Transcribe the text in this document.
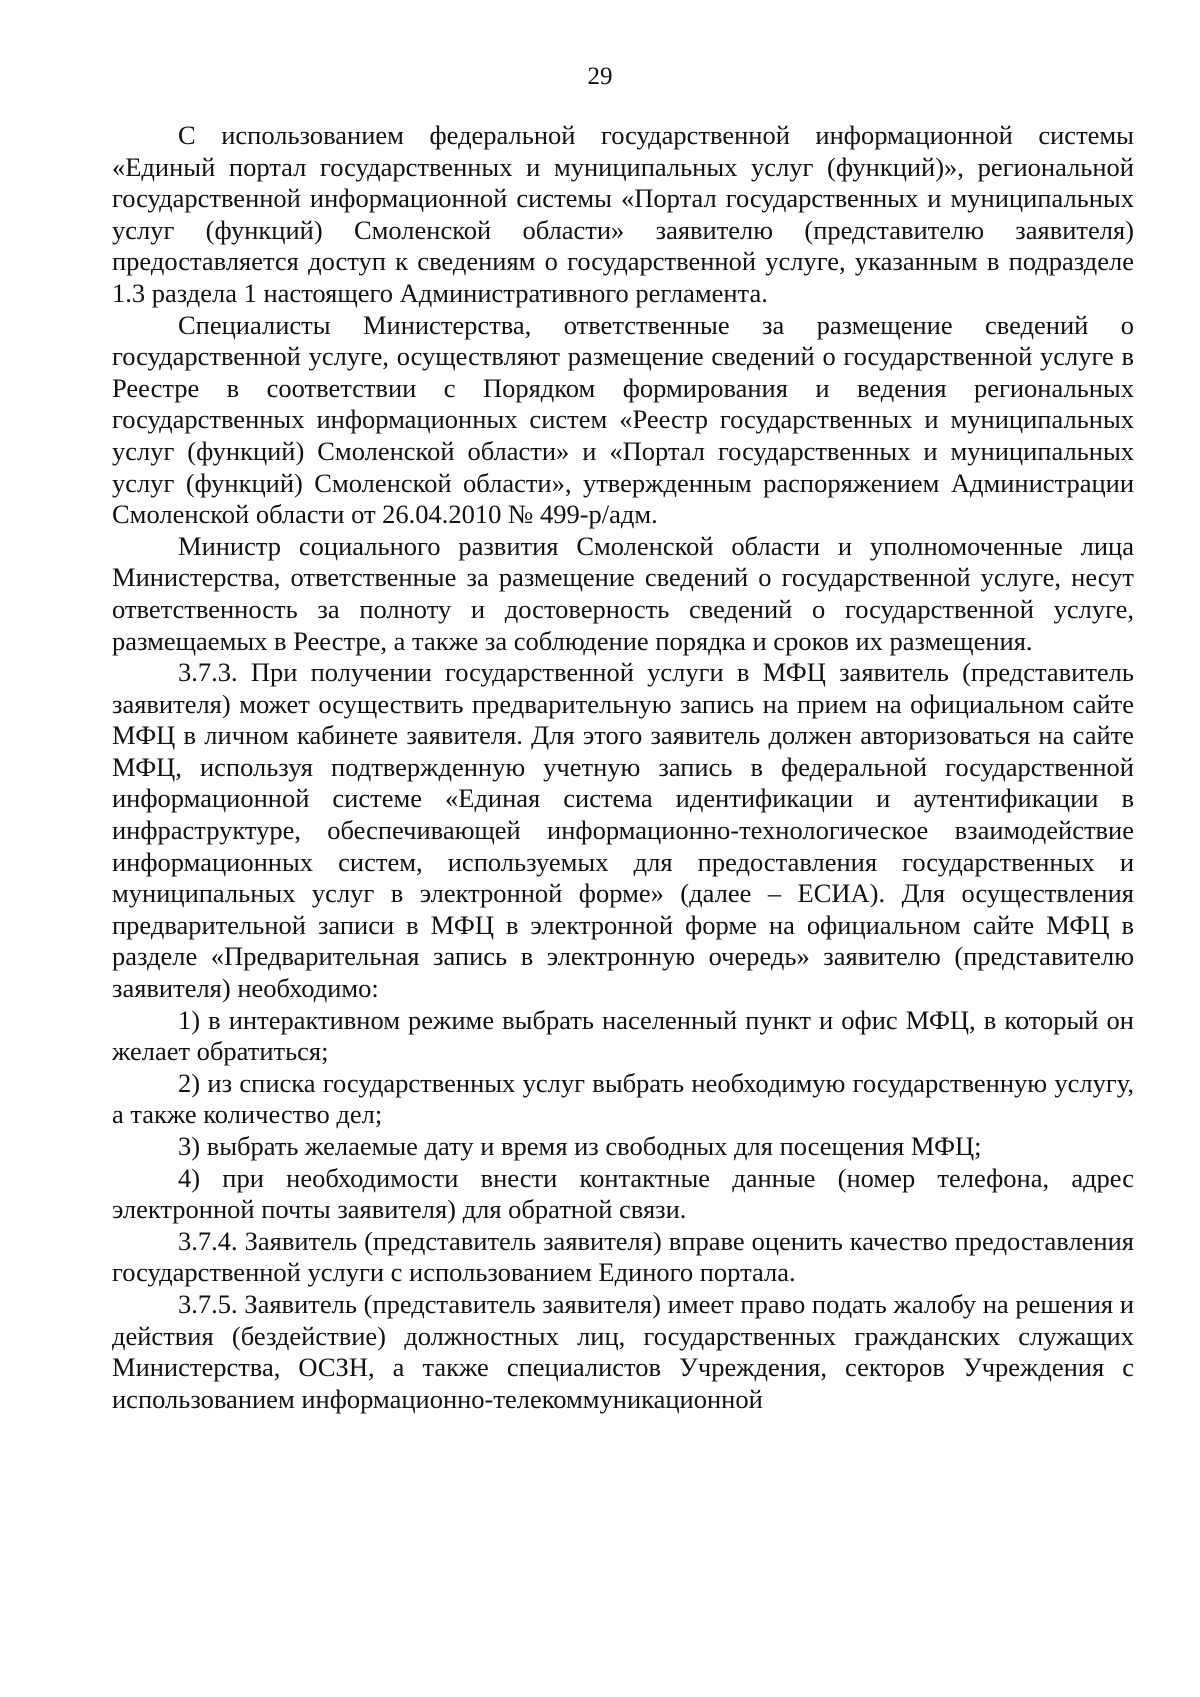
29

С использованием федеральной государственной информационной системы «Единый портал государственных и муниципальных услуг (функций)», региональной государственной информационной системы «Портал государственных и муниципальных услуг (функций) Смоленской области» заявителю (представителю заявителя) предоставляется доступ к сведениям о государственной услуге, указанным в подразделе 1.3 раздела 1 настоящего Административного регламента.

Специалисты Министерства, ответственные за размещение сведений о государственной услуге, осуществляют размещение сведений о государственной услуге в Реестре в соответствии с Порядком формирования и ведения региональных государственных информационных систем «Реестр государственных и муниципальных услуг (функций) Смоленской области» и «Портал государственных и муниципальных услуг (функций) Смоленской области», утвержденным распоряжением Администрации Смоленской области от 26.04.2010 № 499-р/адм.

Министр социального развития Смоленской области и уполномоченные лица Министерства, ответственные за размещение сведений о государственной услуге, несут ответственность за полноту и достоверность сведений о государственной услуге, размещаемых в Реестре, а также за соблюдение порядка и сроков их размещения.

3.7.3. При получении государственной услуги в МФЦ заявитель (представитель заявителя) может осуществить предварительную запись на прием на официальном сайте МФЦ в личном кабинете заявителя. Для этого заявитель должен авторизоваться на сайте МФЦ, используя подтвержденную учетную запись в федеральной государственной информационной системе «Единая система идентификации и аутентификации в инфраструктуре, обеспечивающей информационно-технологическое взаимодействие информационных систем, используемых для предоставления государственных и муниципальных услуг в электронной форме» (далее – ЕСИА). Для осуществления предварительной записи в МФЦ в электронной форме на официальном сайте МФЦ в разделе «Предварительная запись в электронную очередь» заявителю (представителю заявителя) необходимо:

1) в интерактивном режиме выбрать населенный пункт и офис МФЦ, в который он желает обратиться;

2) из списка государственных услуг выбрать необходимую государственную услугу, а также количество дел;

3) выбрать желаемые дату и время из свободных для посещения МФЦ;

4) при необходимости внести контактные данные (номер телефона, адрес электронной почты заявителя) для обратной связи.

3.7.4. Заявитель (представитель заявителя) вправе оценить качество предоставления государственной услуги с использованием Единого портала.

3.7.5. Заявитель (представитель заявителя) имеет право подать жалобу на решения и действия (бездействие) должностных лиц, государственных гражданских служащих Министерства, ОСЗН, а также специалистов Учреждения, секторов Учреждения с использованием информационно-телекоммуникационной
